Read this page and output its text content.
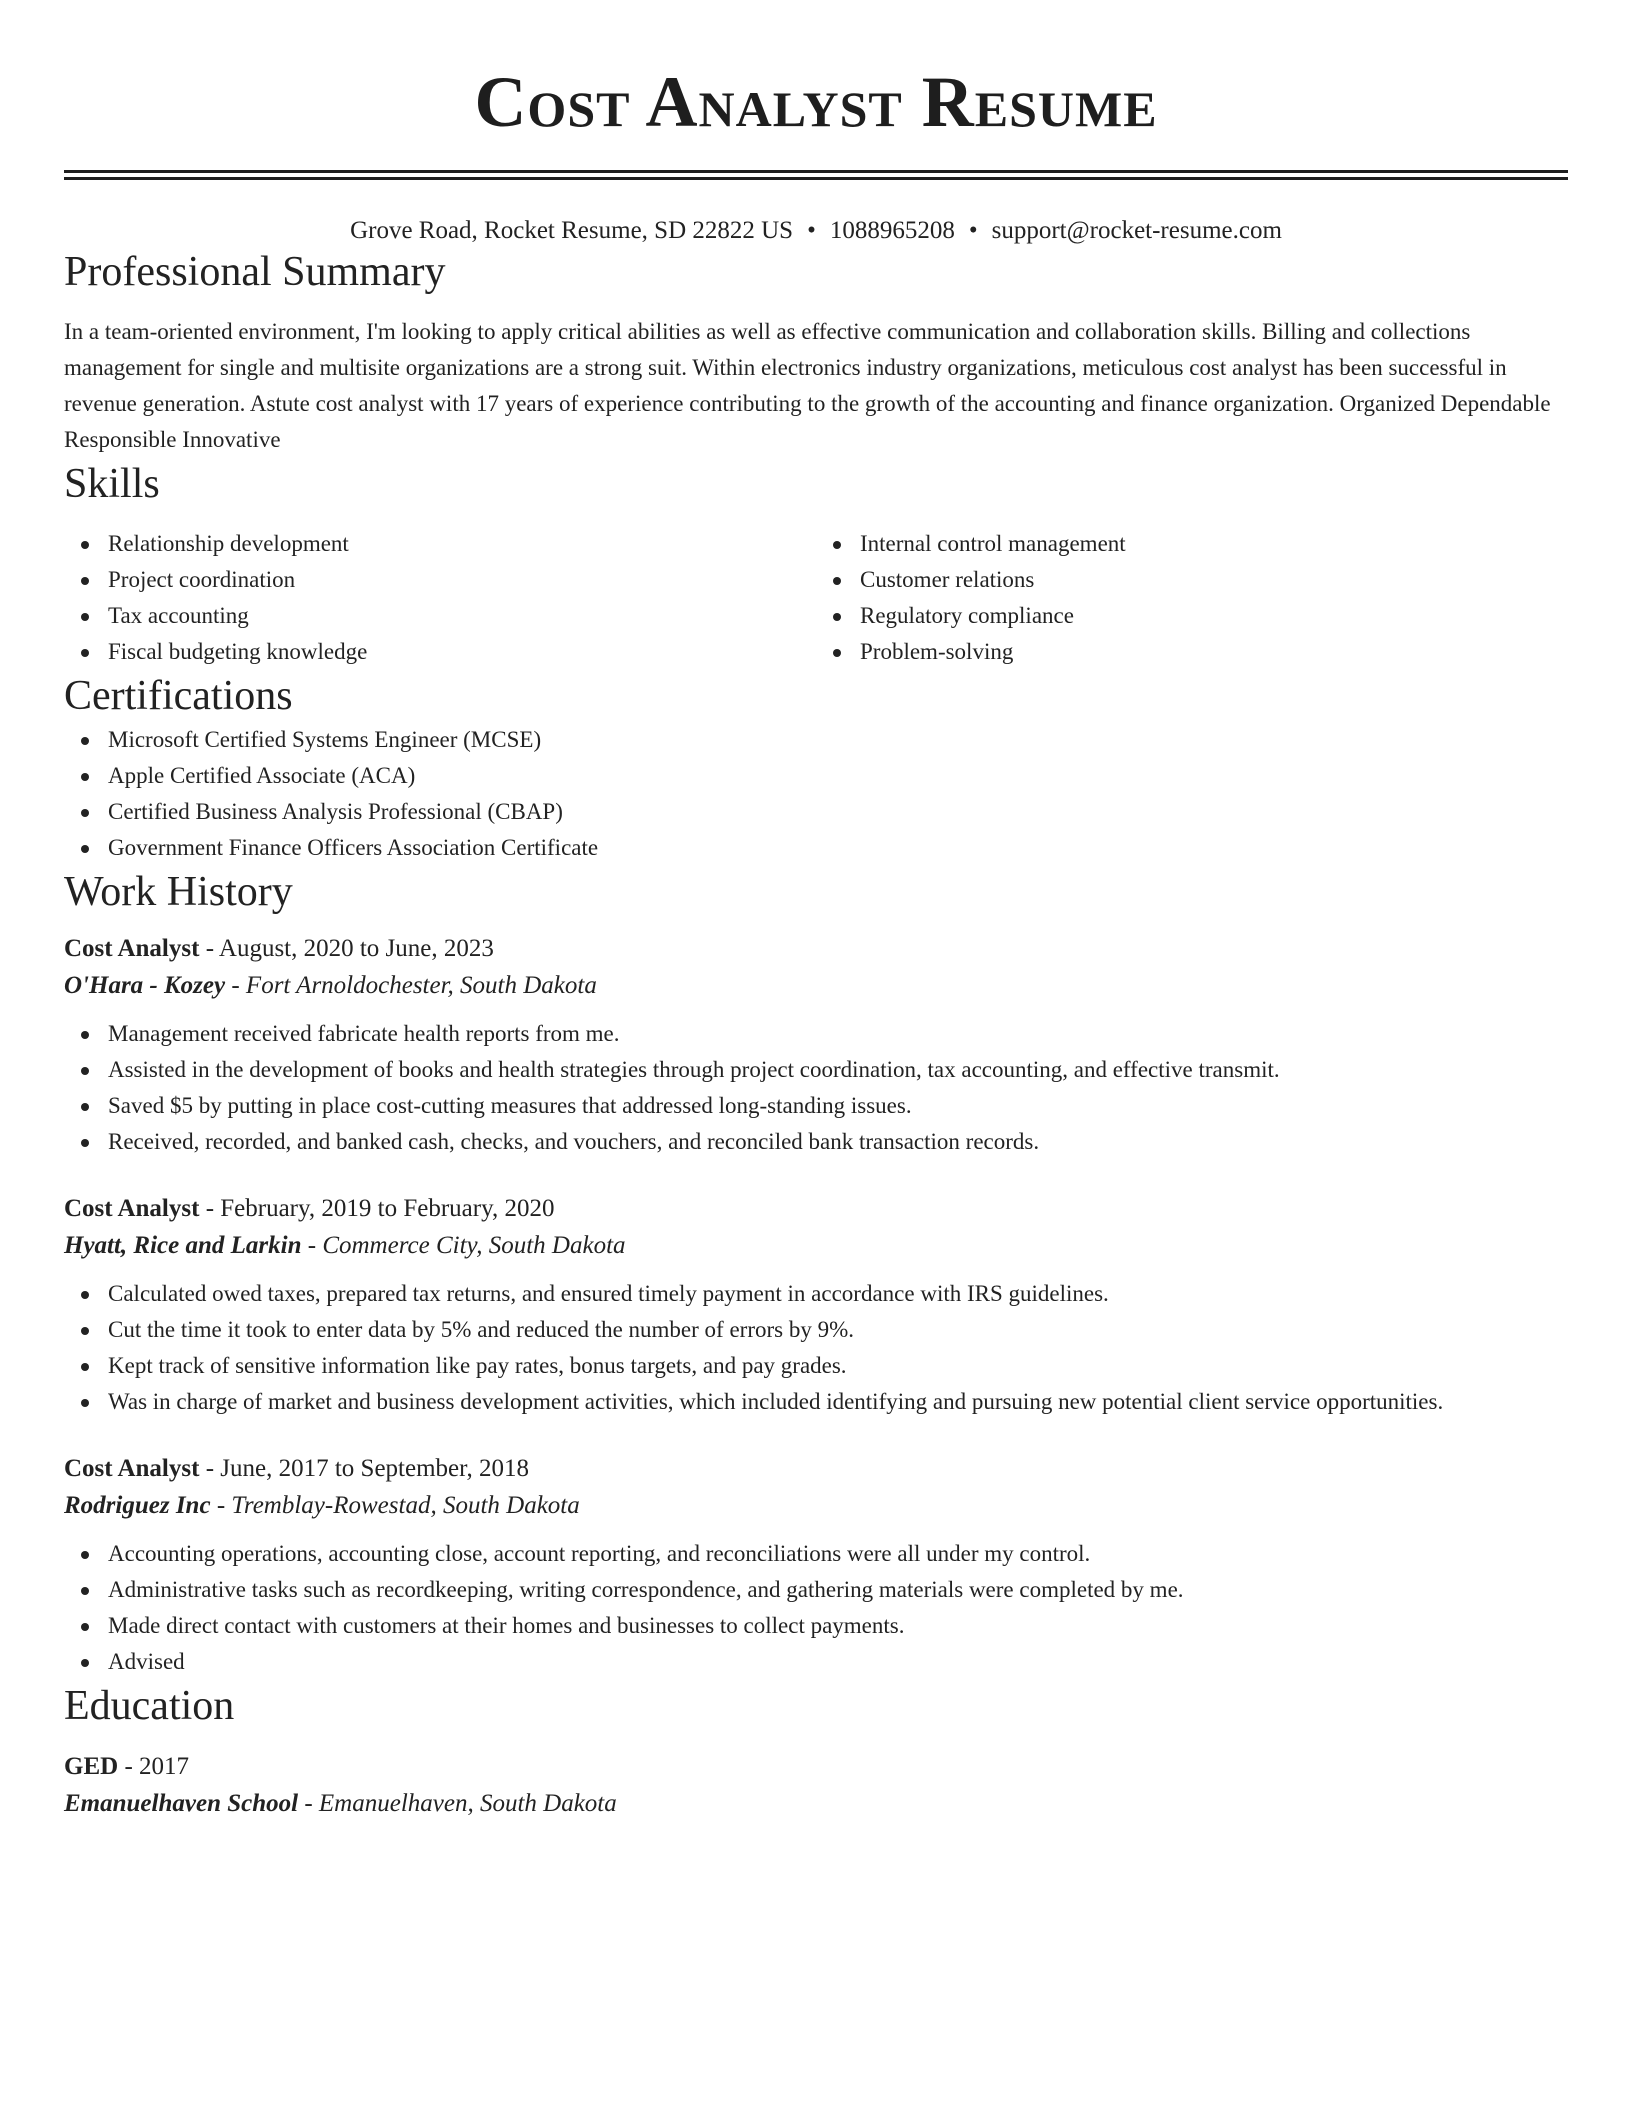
Cost Analyst Resume
Grove Road, Rocket Resume, SD 22822 US • 1088965208 • support@rocket-resume.com
Professional Summary

In a team-oriented environment, I'm looking to apply critical abilities as well as effective communication and collaboration skills. Billing and collections management for single and multisite organizations are a strong suit. Within electronics industry organizations, meticulous cost analyst has been successful in revenue generation. Astute cost analyst with 17 years of experience contributing to the growth of the accounting and finance organization. Organized Dependable Responsible Innovative

Skills
Relationship development
Project coordination
Tax accounting
Fiscal budgeting knowledge
Internal control management
Customer relations
Regulatory compliance
Problem-solving
Certifications
Microsoft Certified Systems Engineer (MCSE)
Apple Certified Associate (ACA)
Certified Business Analysis Professional (CBAP)
Government Finance Officers Association Certificate
Work History
Cost Analyst - August, 2020 to June, 2023
O'Hara - Kozey - Fort Arnoldochester, South Dakota
Management received fabricate health reports from me.
Assisted in the development of books and health strategies through project coordination, tax accounting, and effective transmit.
Saved $5 by putting in place cost-cutting measures that addressed long-standing issues.
Received, recorded, and banked cash, checks, and vouchers, and reconciled bank transaction records.
Cost Analyst - February, 2019 to February, 2020
Hyatt, Rice and Larkin - Commerce City, South Dakota
Calculated owed taxes, prepared tax returns, and ensured timely payment in accordance with IRS guidelines.
Cut the time it took to enter data by 5% and reduced the number of errors by 9%.
Kept track of sensitive information like pay rates, bonus targets, and pay grades.
Was in charge of market and business development activities, which included identifying and pursuing new potential client service opportunities.
Cost Analyst - June, 2017 to September, 2018
Rodriguez Inc - Tremblay-Rowestad, South Dakota
Accounting operations, accounting close, account reporting, and reconciliations were all under my control.
Administrative tasks such as recordkeeping, writing correspondence, and gathering materials were completed by me.
Made direct contact with customers at their homes and businesses to collect payments.
Advised
Education
GED - 2017
Emanuelhaven School - Emanuelhaven, South Dakota
